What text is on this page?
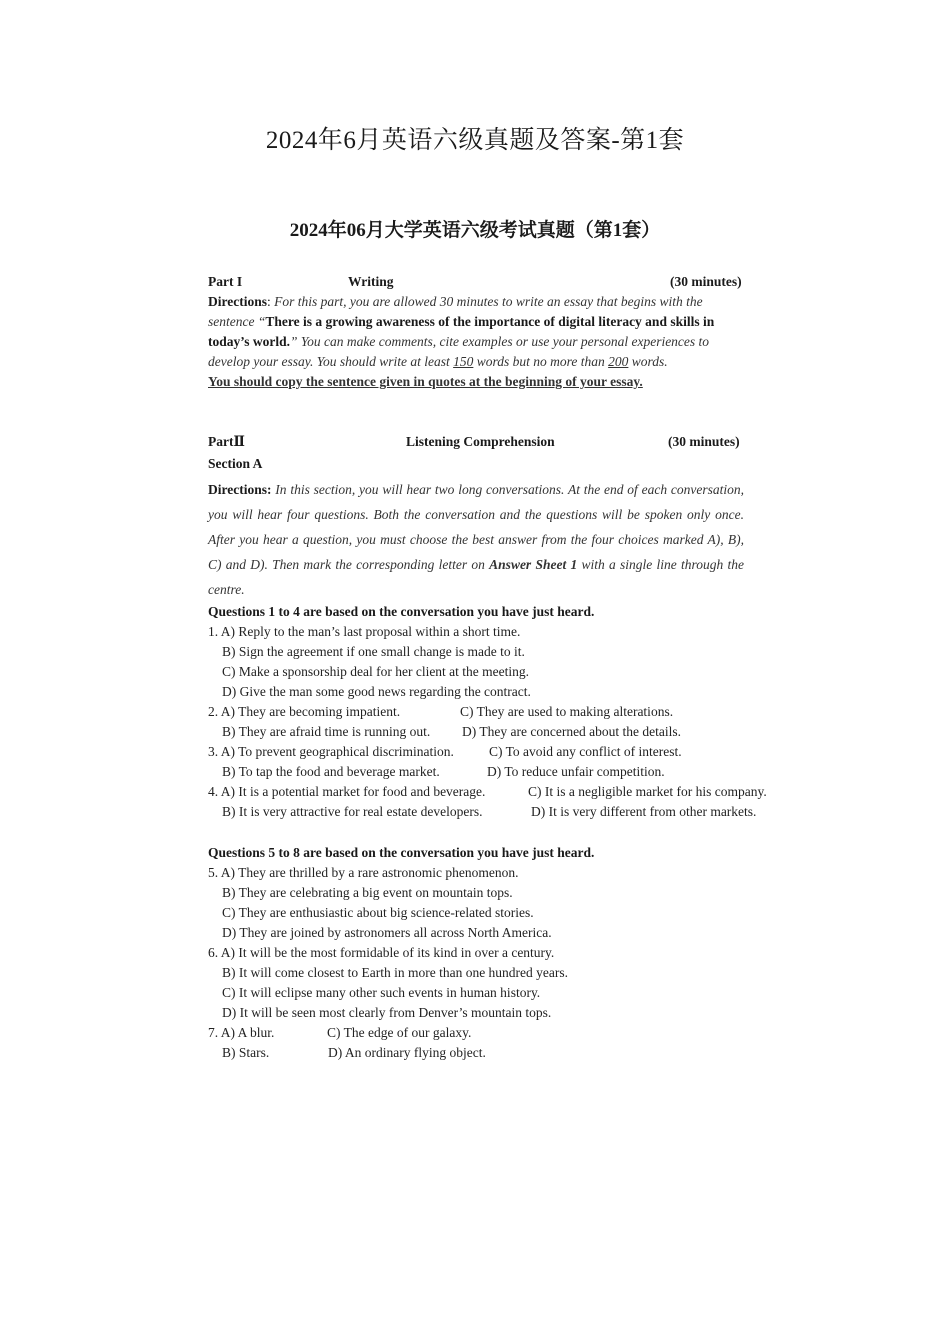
2024年6月英语六级真题及答案-第1套
2024年06月大学英语六级考试真题（第1套）
Part I	Writing	(30 minutes)
Directions: For this part, you are allowed 30 minutes to write an essay that begins with the sentence “There is a growing awareness of the importance of digital literacy and skills in today’s world.” You can make comments, cite examples or use your personal experiences to develop your essay. You should write at least 150 words but no more than 200 words.
You should copy the sentence given in quotes at the beginning of your essay.
PartⅡ	Listening Comprehension	(30 minutes)
Section A
Directions: In this section, you will hear two long conversations. At the end of each conversation, you will hear four questions. Both the conversation and the questions will be spoken only once. After you hear a question, you must choose the best answer from the four choices marked A), B), C) and D). Then mark the corresponding letter on Answer Sheet 1 with a single line through the centre.
Questions 1 to 4 are based on the conversation you have just heard.
1. A) Reply to the man’s last proposal within a short time.
B) Sign the agreement if one small change is made to it.
C) Make a sponsorship deal for her client at the meeting.
D) Give the man some good news regarding the contract.
2. A) They are becoming impatient.	C) They are used to making alterations.
B) They are afraid time is running out.	D) They are concerned about the details.
3. A) To prevent geographical discrimination.	C) To avoid any conflict of interest.
B) To tap the food and beverage market.	D) To reduce unfair competition.
4. A) It is a potential market for food and beverage.	C) It is a negligible market for his company.
B) It is very attractive for real estate developers.	D) It is very different from other markets.
Questions 5 to 8 are based on the conversation you have just heard.
5. A) They are thrilled by a rare astronomic phenomenon.
B) They are celebrating a big event on mountain tops.
C) They are enthusiastic about big science-related stories.
D) They are joined by astronomers all across North America.
6. A) It will be the most formidable of its kind in over a century.
B) It will come closest to Earth in more than one hundred years.
C) It will eclipse many other such events in human history.
D) It will be seen most clearly from Denver’s mountain tops.
7. A) A blur.	C) The edge of our galaxy.
B) Stars.	D) An ordinary flying object.
